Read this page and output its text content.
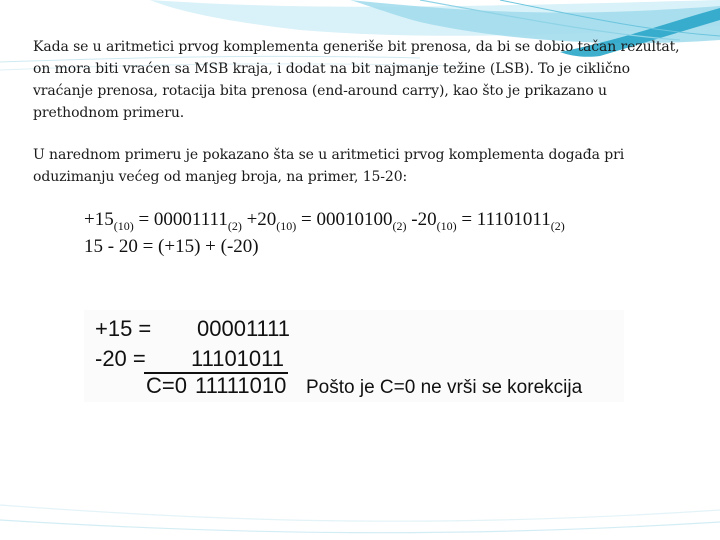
Kada se u aritmetici prvog komplementa generiše bit prenosa, da bi se dobio tačan rezultat, on mora biti vraćen sa MSB kraja, i dodat na bit najmanje težine (LSB). To je ciklično vraćanje prenosa, rotacija bita prenosa (end-around carry), kao što je prikazano u prethodnom primeru.

U narednom primeru je pokazano šta se u aritmetici prvog komplementa događa pri oduzimanju većeg od manjeg broja, na primer, 15-20:

$+15_{(10)} = 00001111_{(2)} +20_{(10)} = 00010100_{(2)}$ $-20_{(10)} = 11101011_{(2)}$
15 - 20 = (+15) + (-20)
+15 = 00001111
-20 = 11101011
C=0 11111010 Pošto je C=0 ne vrši se korekcija
